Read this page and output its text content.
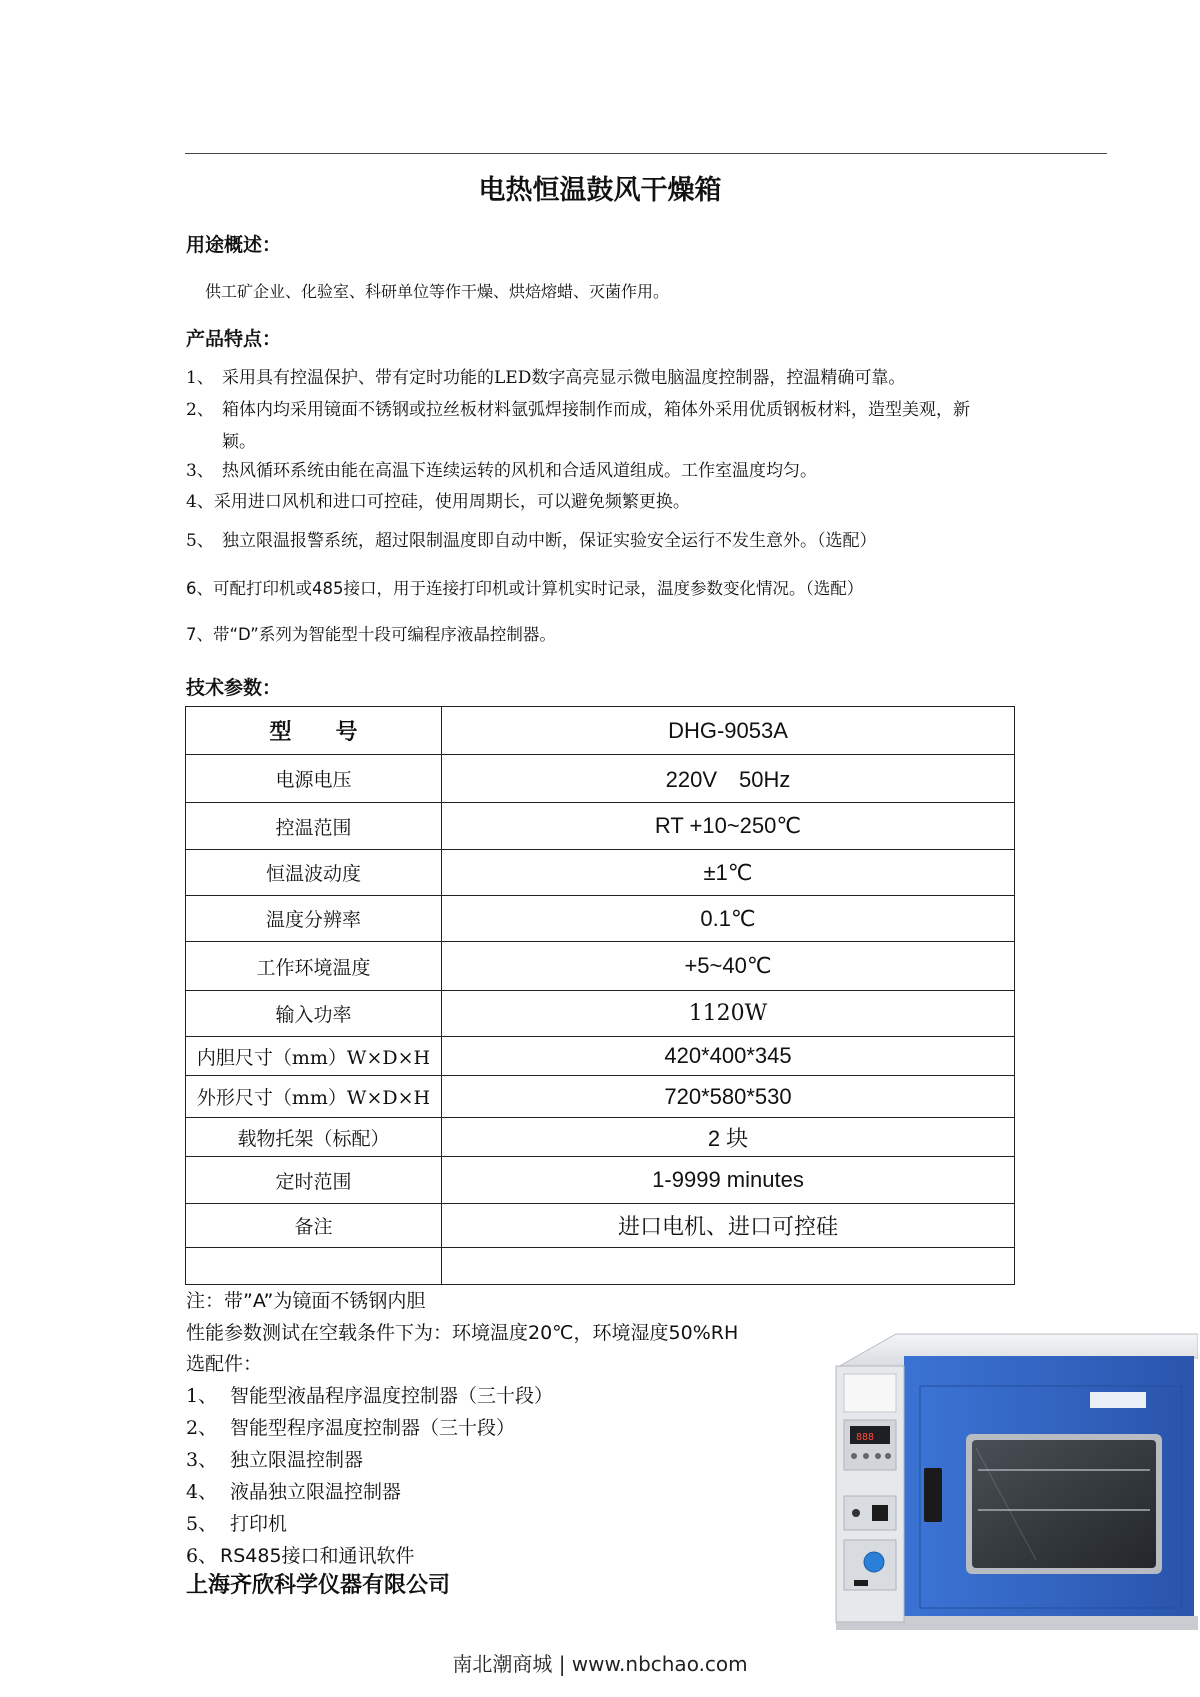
电热恒温鼓风干燥箱
用途概述：
供工矿企业、化验室、科研单位等作干燥、烘焙熔蜡、灭菌作用。
产品特点：
1、 采用具有控温保护、带有定时功能的LED数字高亮显示微电脑温度控制器，控温精确可靠。
2、 箱体内均采用镜面不锈钢或拉丝板材料氩弧焊接制作而成，箱体外采用优质钢板材料，造型美观，新
颖。
3、 热风循环系统由能在高温下连续运转的风机和合适风道组成。工作室温度均匀。
4、采用进口风机和进口可控硅，使用周期长，可以避免频繁更换。
5、 独立限温报警系统，超过限制温度即自动中断，保证实验安全运行不发生意外。（选配）
6、可配打印机或485接口，用于连接打印机或计算机实时记录，温度参数变化情况。（选配）
7、带“D”系列为智能型十段可编程序液晶控制器。
技术参数：
型　　号	DHG-9053A
电源电压	220V　50Hz
控温范围	RT +10~250℃
恒温波动度	±1℃
温度分辨率	0.1℃
工作环境温度	+5~40℃
输入功率	1120W
内胆尺寸（mm）W×D×H	420*400*345
外形尺寸（mm）W×D×H	720*580*530
载物托架（标配）	2 块
定时范围	1-9999 minutes
备注	进口电机、进口可控硅

注：带”A”为镜面不锈钢内胆
性能参数测试在空载条件下为：环境温度20℃，环境湿度50%RH
选配件：
1、 智能型液晶程序温度控制器（三十段）
2、 智能型程序温度控制器（三十段）
3、 独立限温控制器
4、 液晶独立限温控制器
5、 打印机
6、 RS485接口和通讯软件
上海齐欣科学仪器有限公司
888
南北潮商城 | www.nbchao.com
